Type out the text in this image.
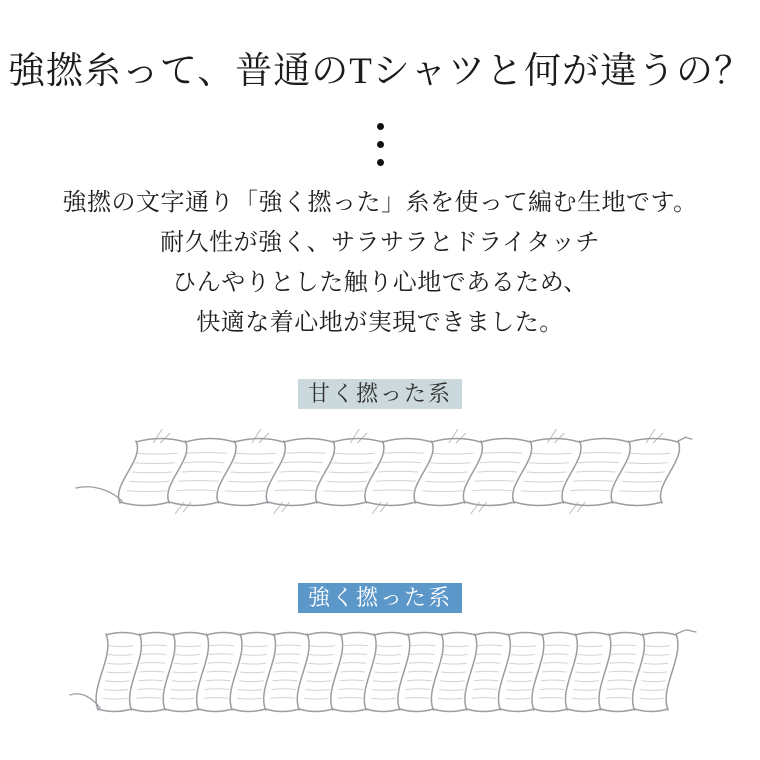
強撚糸って、普通のTシャツと何が違うの？

強撚の文字通り「強く撚った」糸を使って編む生地です。

耐久性が強く、サラサラとドライタッチ

ひんやりとした触り心地であるため、

快適な着心地が実現できました。

甘く撚った系
強く撚った系
